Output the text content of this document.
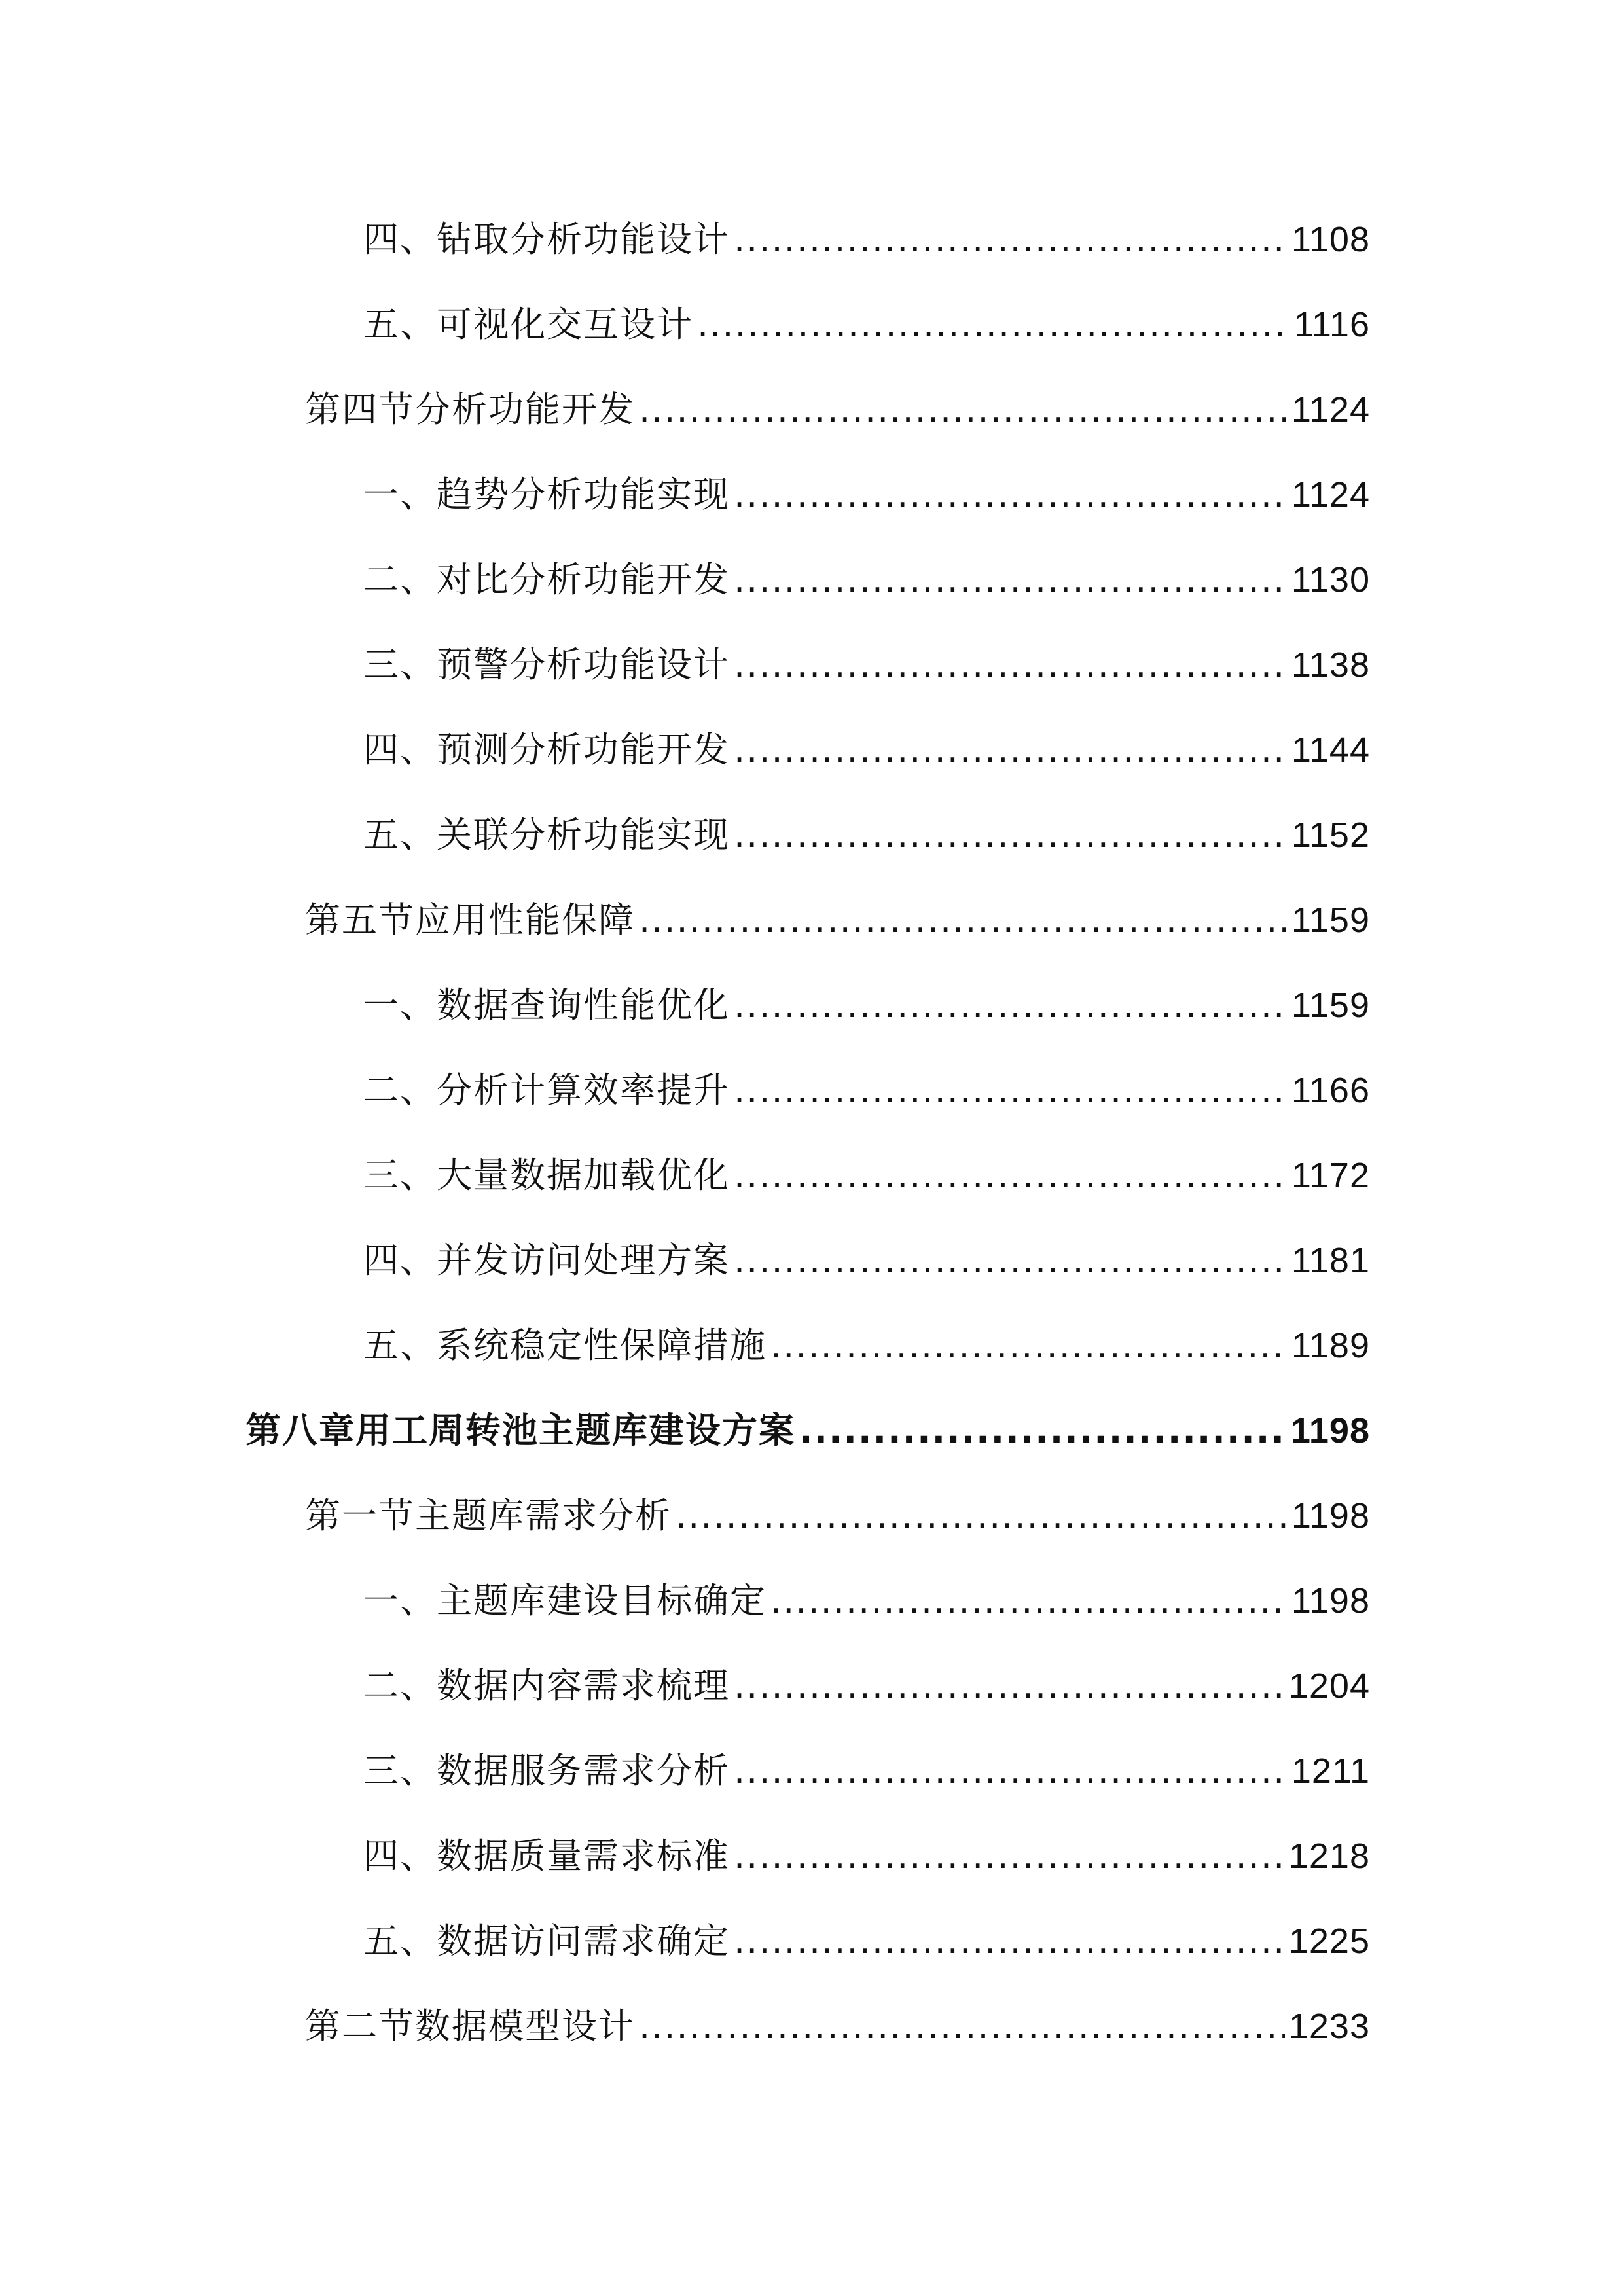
四、钻取分析功能设计 .....	1108
五、可视化交互设计 .....	1116
第四节分析功能开发 .....	1124
一、趋势分析功能实现 .....	1124
二、对比分析功能开发 .....	1130
三、预警分析功能设计 .....	1138
四、预测分析功能开发 .....	1144
五、关联分析功能实现 .....	1152
第五节应用性能保障 .....	1159
一、数据查询性能优化 .....	1159
二、分析计算效率提升 .....	1166
三、大量数据加载优化 .....	1172
四、并发访问处理方案 .....	1181
五、系统稳定性保障措施 .....	1189
第八章用工周转池主题库建设方案 .....	1198
第一节主题库需求分析 .....	1198
一、主题库建设目标确定 .....	1198
二、数据内容需求梳理 .....	1204
三、数据服务需求分析 .....	1211
四、数据质量需求标准 .....	1218
五、数据访问需求确定 .....	1225
第二节数据模型设计 .....	1233
